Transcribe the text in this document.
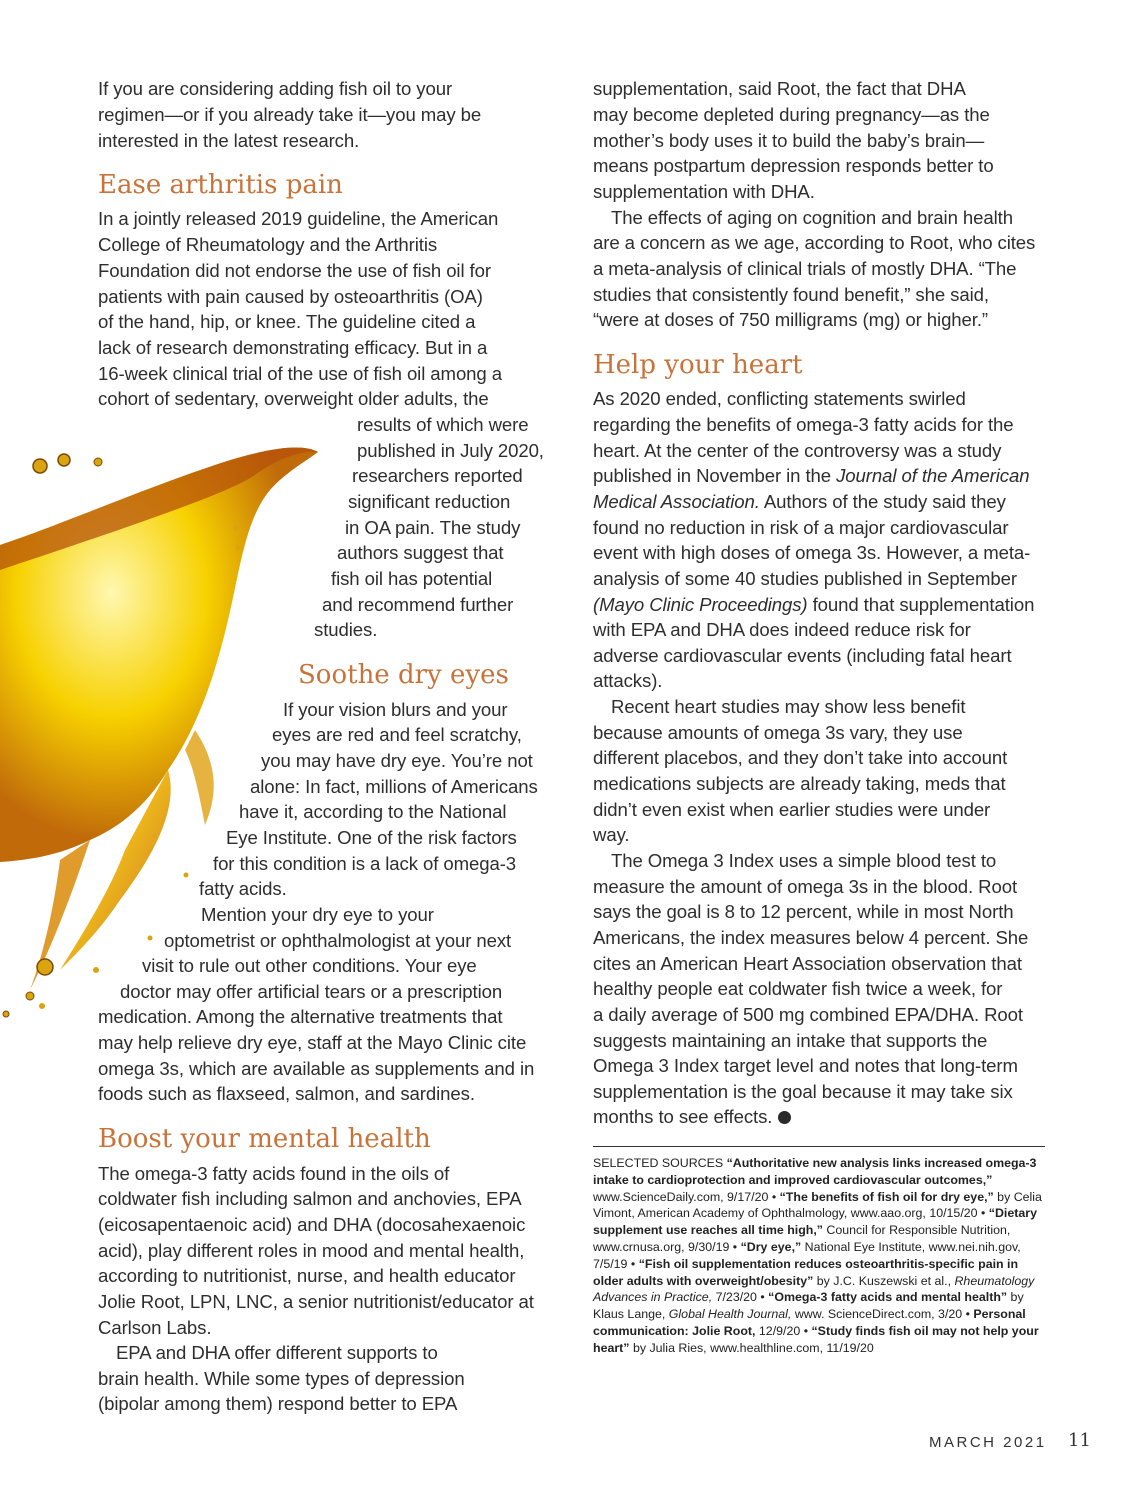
If you are considering adding fish oil to your
regimen—or if you already take it—you may be
interested in the latest research.
Ease arthritis pain
In a jointly released 2019 guideline, the American
College of Rheumatology and the Arthritis
Foundation did not endorse the use of fish oil for
patients with pain caused by osteoarthritis (OA)
of the hand, hip, or knee. The guideline cited a
lack of research demonstrating efficacy. But in a
16-week clinical trial of the use of fish oil among a
cohort of sedentary, overweight older adults, the
results of which were
published in July 2020,
researchers reported
significant reduction
in OA pain. The study
authors suggest that
fish oil has potential
and recommend further
studies.
Soothe dry eyes
If your vision blurs and your
eyes are red and feel scratchy,
you may have dry eye. You’re not
alone: In fact, millions of Americans
have it, according to the National
Eye Institute. One of the risk factors
for this condition is a lack of omega-3
fatty acids.
Mention your dry eye to your
optometrist or ophthalmologist at your next
visit to rule out other conditions. Your eye
doctor may offer artificial tears or a prescription
medication. Among the alternative treatments that
may help relieve dry eye, staff at the Mayo Clinic cite
omega 3s, which are available as supplements and in
foods such as flaxseed, salmon, and sardines.
Boost your mental health
The omega-3 fatty acids found in the oils of
coldwater fish including salmon and anchovies, EPA
(eicosapentaenoic acid) and DHA (docosahexaenoic
acid), play different roles in mood and mental health,
according to nutritionist, nurse, and health educator
Jolie Root, LPN, LNC, a senior nutritionist/educator at
Carlson Labs.
EPA and DHA offer different supports to
brain health. While some types of depression
(bipolar among them) respond better to EPA
supplementation, said Root, the fact that DHA
may become depleted during pregnancy—as the
mother’s body uses it to build the baby’s brain—
means postpartum depression responds better to
supplementation with DHA.
The effects of aging on cognition and brain health
are a concern as we age, according to Root, who cites
a meta-analysis of clinical trials of mostly DHA. “The
studies that consistently found benefit,” she said,
“were at doses of 750 milligrams (mg) or higher.”
Help your heart
As 2020 ended, conflicting statements swirled
regarding the benefits of omega-3 fatty acids for the
heart. At the center of the controversy was a study
published in November in the Journal of the American
Medical Association. Authors of the study said they
found no reduction in risk of a major cardiovascular
event with high doses of omega 3s. However, a meta-
analysis of some 40 studies published in September
(Mayo Clinic Proceedings) found that supplementation
with EPA and DHA does indeed reduce risk for
adverse cardiovascular events (including fatal heart
attacks).
Recent heart studies may show less benefit
because amounts of omega 3s vary, they use
different placebos, and they don’t take into account
medications subjects are already taking, meds that
didn’t even exist when earlier studies were under
way.
The Omega 3 Index uses a simple blood test to
measure the amount of omega 3s in the blood. Root
says the goal is 8 to 12 percent, while in most North
Americans, the index measures below 4 percent. She
cites an American Heart Association observation that
healthy people eat coldwater fish twice a week, for
a daily average of 500 mg combined EPA/DHA. Root
suggests maintaining an intake that supports the
Omega 3 Index target level and notes that long-term
supplementation is the goal because it may take six
months to see effects.
SELECTED SOURCES “Authoritative new analysis links increased omega-3 intake to cardioprotection and improved cardiovascular outcomes,” www.ScienceDaily.com, 9/17/20 • “The benefits of fish oil for dry eye,” by Celia Vimont, American Academy of Ophthalmology, www.aao.org, 10/15/20 • “Dietary supplement use reaches all time high,” Council for Responsible Nutrition, www.crnusa.org, 9/30/19 • “Dry eye,” National Eye Institute, www.nei.nih.gov, 7/5/19 • “Fish oil supplementation reduces osteoarthritis-specific pain in older adults with overweight/obesity” by J.C. Kuszewski et al., Rheumatology Advances in Practice, 7/23/20 • “Omega-3 fatty acids and mental health” by Klaus Lange, Global Health Journal, www. ScienceDirect.com, 3/20 • Personal communication: Jolie Root, 12/9/20 • “Study finds fish oil may not help your heart” by Julia Ries, www.healthline.com, 11/19/20
MARCH 2021 11
